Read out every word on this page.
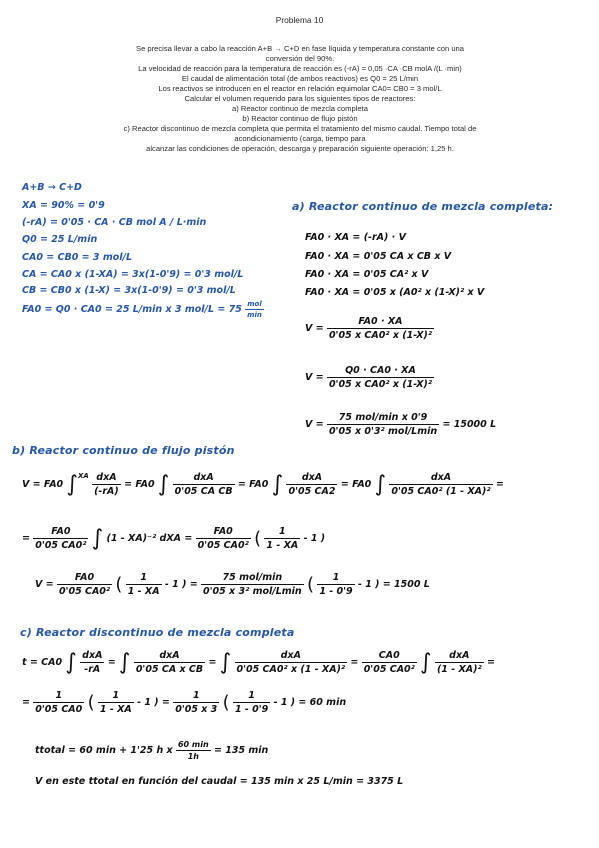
Problema 10
Se precisa llevar a cabo la reacción A+B → C+D en fase líquida y temperatura constante con una
conversión del 90%.
La velocidad de reacción para la temperatura de reacción es (-rA) = 0,05 ·CA ·CB molA /(L ·min)
El caudal de alimentación total (de ambos reactivos) es Q0 = 25 L/min
Los reactivos se introducen en el reactor en relación equimolar CA0= CB0 = 3 mol/L
Calcular el volumen requerido para los siguientes tipos de reactores:
a) Reactor continuo de mezcla completa
b) Reactor continuo de flujo pistón
c) Reactor discontinuo de mezcla completa que permita el tratamiento del mismo caudal. Tiempo total de
acondicionamiento (carga, tiempo para
alcanzar las condiciones de operación, descarga y preparación siguiente operación: 1,25 h.
A+B → C+D
XA = 90% = 0'9
(-rA) = 0'05 · CA · CB mol A / L·min
Q0 = 25 L/min
CA0 = CB0 = 3 mol/L
CA = CA0 x (1-XA) = 3x(1-0'9) = 0'3 mol/L
CB = CB0 x (1-X) = 3x(1-0'9) = 0'3 mol/L
FA0 = Q0 · CA0 = 25 L/min x 3 $mol/L = 75 \frac{\text{mol}}{\min}$
a) Reactor continuo de mezcla completa:
FA0 · XA = (-rA) · V
FA0 · XA = 0'05 CA x CB x V
FA0 · XA = 0'05 CA² x V
FA0 · XA = 0'05 x (A0² x (1-X)² x V
$V = \frac{FA0 \cdot XA}{\text{0'05 x CA0² x (1-X)²}}$
$V = \frac{Q0 \cdot CA0 \cdot XA}{\text{0'05 x CA0² x (1-X)²}}$
$V = \frac{\text{75 mol/min x 0'9}}{\text{0'05 x 0'3² mol/Lmin}} = 15000$ L
b) Reactor continuo de flujo pistón
V = FA0 $\int^{XA} \frac{\text{dxA}}{(-rA)} = FA0$ ∫ $\frac{\text{dxA}}{\text{0'05 CA CB}} = FA0$ ∫ $\frac{\text{dxA}}{0'05 CA2} = FA0$ ∫ $\frac{\text{dxA}}{\text{0'05 CA0² (1 - XA)²}}$ =
= $\frac{FA0}{\text{0'05 CA0²}}$ ∫ (1 - XA)⁻² dXA = $\frac{FA0}{\text{0'05 CA0²}}$ ( $\frac{1}{1 - XA} - 1$ )
$V = \frac{FA0}{\text{0'05 CA0²}}$ ( $\frac{1}{1 - XA} - 1$ ) = $\frac{\text{75 mol/min}}{\text{0'05 x 3² mol/Lmin}}$ ( $\frac{1}{1 - 0'9} - 1$ ) = 1500 L
c) Reactor discontinuo de mezcla completa
t = CA0 ∫ $\frac{\text{dxA}}{-rA}$ = ∫ $\frac{\text{dxA}}{\text{0'05 CA x CB}}$ = ∫ $\frac{\text{dxA}}{\text{0'05 CA0² x (1 - XA)²}} = \frac{CA0}{\text{0'05 CA0²}}$ ∫ $\frac{\text{dxA}}{\text{(1 - XA)²}}$ =
= $\frac{1}{0'05 CA0}$ ( $\frac{1}{1 - XA} - 1$ ) = $\frac{1}{0'05 x 3}$ ( $\frac{1}{1 - 0'9} - 1$ ) = 60 min
ttotal = 60 min + 1'25 h x $\frac{60 \min}{1h} = 135$ min
V en este ttotal en función del caudal = 135 min x 25 L/min = 3375 L
